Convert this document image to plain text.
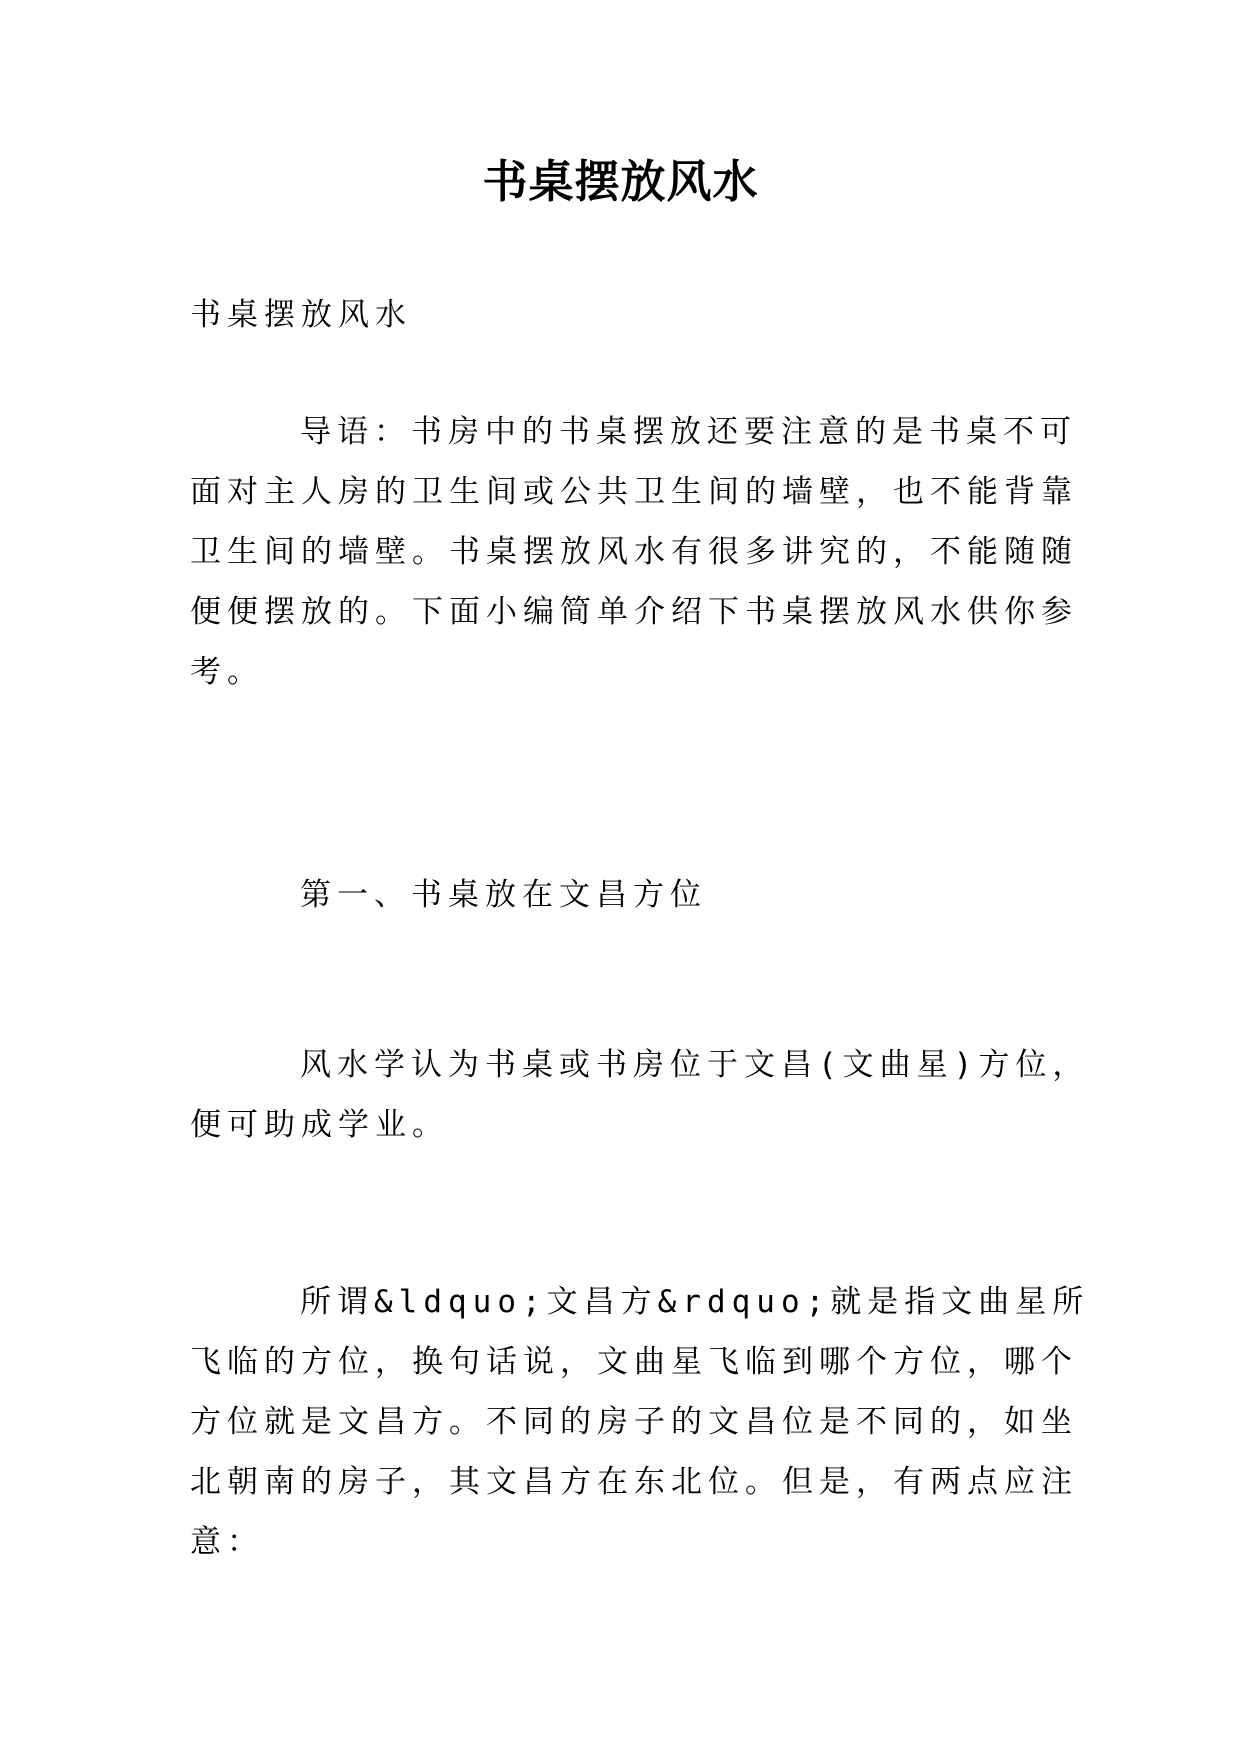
书桌摆放风水

书桌摆放风水

导语：书房中的书桌摆放还要注意的是书桌不可面对主人房的卫生间或公共卫生间的墙壁，也不能背靠卫生间的墙壁。书桌摆放风水有很多讲究的，不能随随便便摆放的。下面小编简单介绍下书桌摆放风水供你参考。

第一、书桌放在文昌方位

风水学认为书桌或书房位于文昌(文曲星)方位，便可助成学业。

所谓&ldquo;文昌方&rdquo;就是指文曲星所飞临的方位，换句话说，文曲星飞临到哪个方位，哪个方位就是文昌方。不同的房子的文昌位是不同的，如坐北朝南的房子，其文昌方在东北位。但是，有两点应注意：
